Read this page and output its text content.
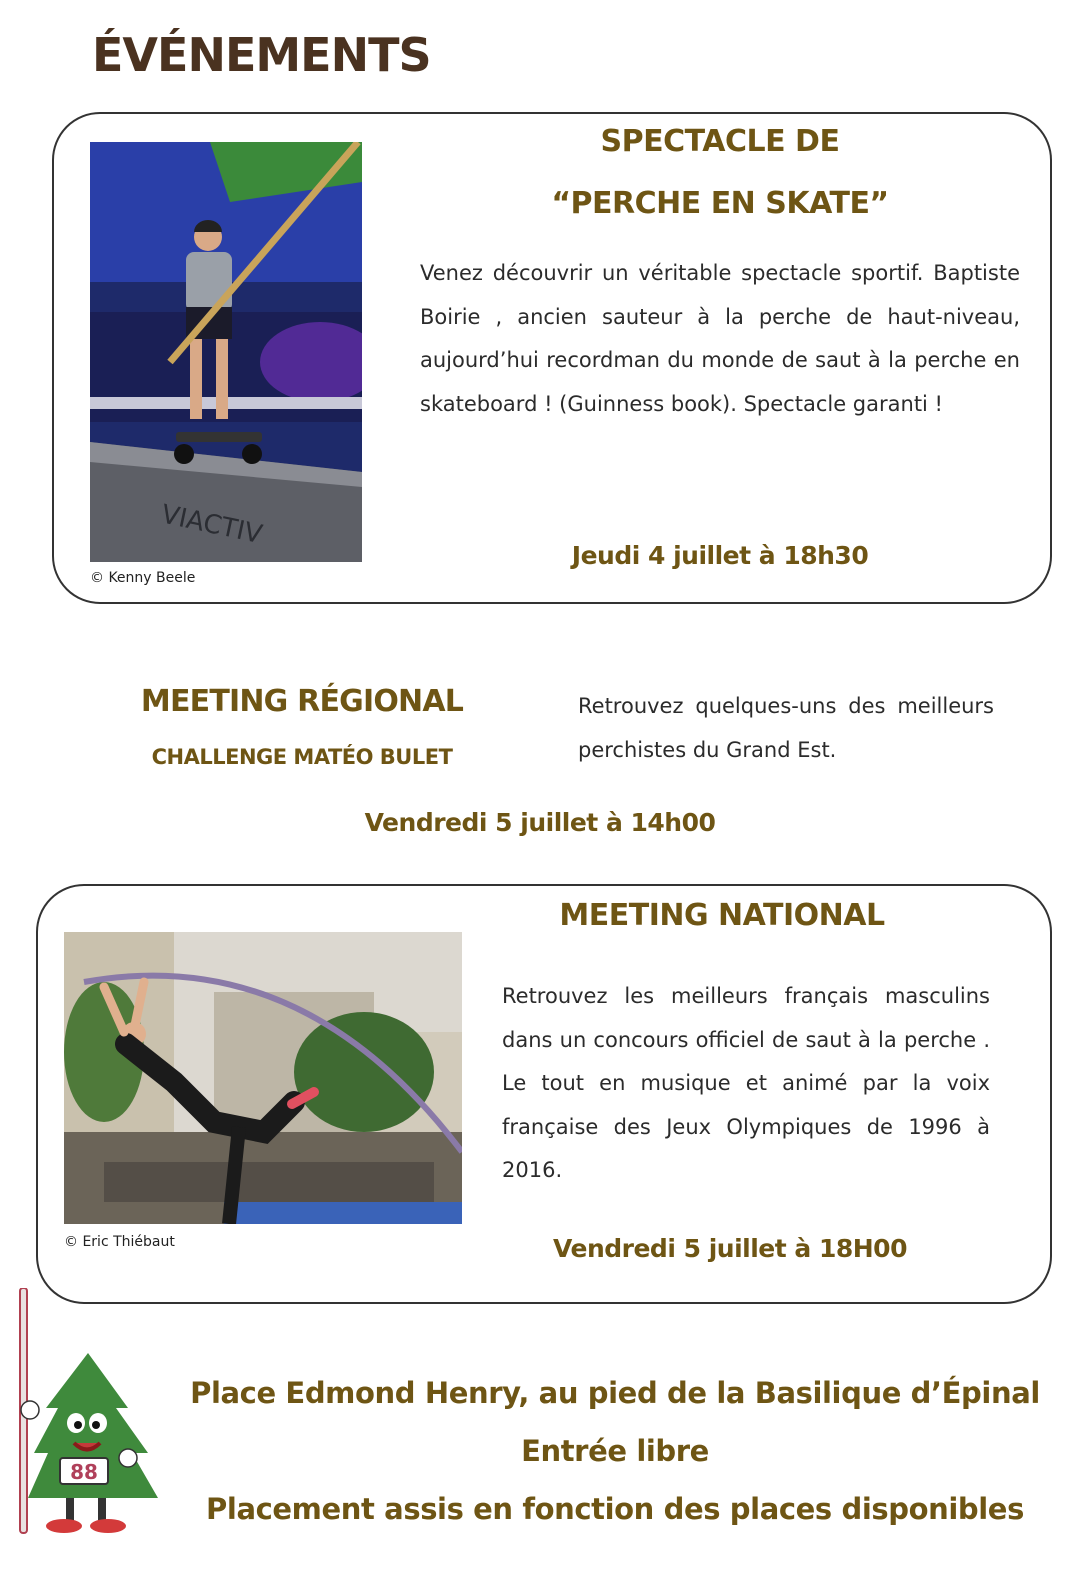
ÉVÉNEMENTS
VIACTIV
© Kenny Beele
SPECTACLE DE
“PERCHE EN SKATE”

Venez découvrir un véritable spectacle sportif. Baptiste Boirie , ancien sauteur à la perche de haut-niveau, aujourd’hui recordman du monde de saut à la perche en skateboard ! (Guinness book). Spectacle garanti !

Jeudi 4 juillet à 18h30
MEETING RÉGIONAL
CHALLENGE MATÉO BULET

Retrouvez quelques-uns des meilleurs perchistes du Grand Est.

Vendredi 5 juillet à 14h00
© Eric Thiébaut
MEETING NATIONAL

Retrouvez les meilleurs français masculins dans un concours officiel de saut à la perche . Le tout en musique et animé par la voix française des Jeux Olympiques de 1996 à 2016.

Vendredi 5 juillet à 18H00
88
Place Edmond Henry, au pied de la Basilique d’Épinal
Entrée libre
Placement assis en fonction des places disponibles
